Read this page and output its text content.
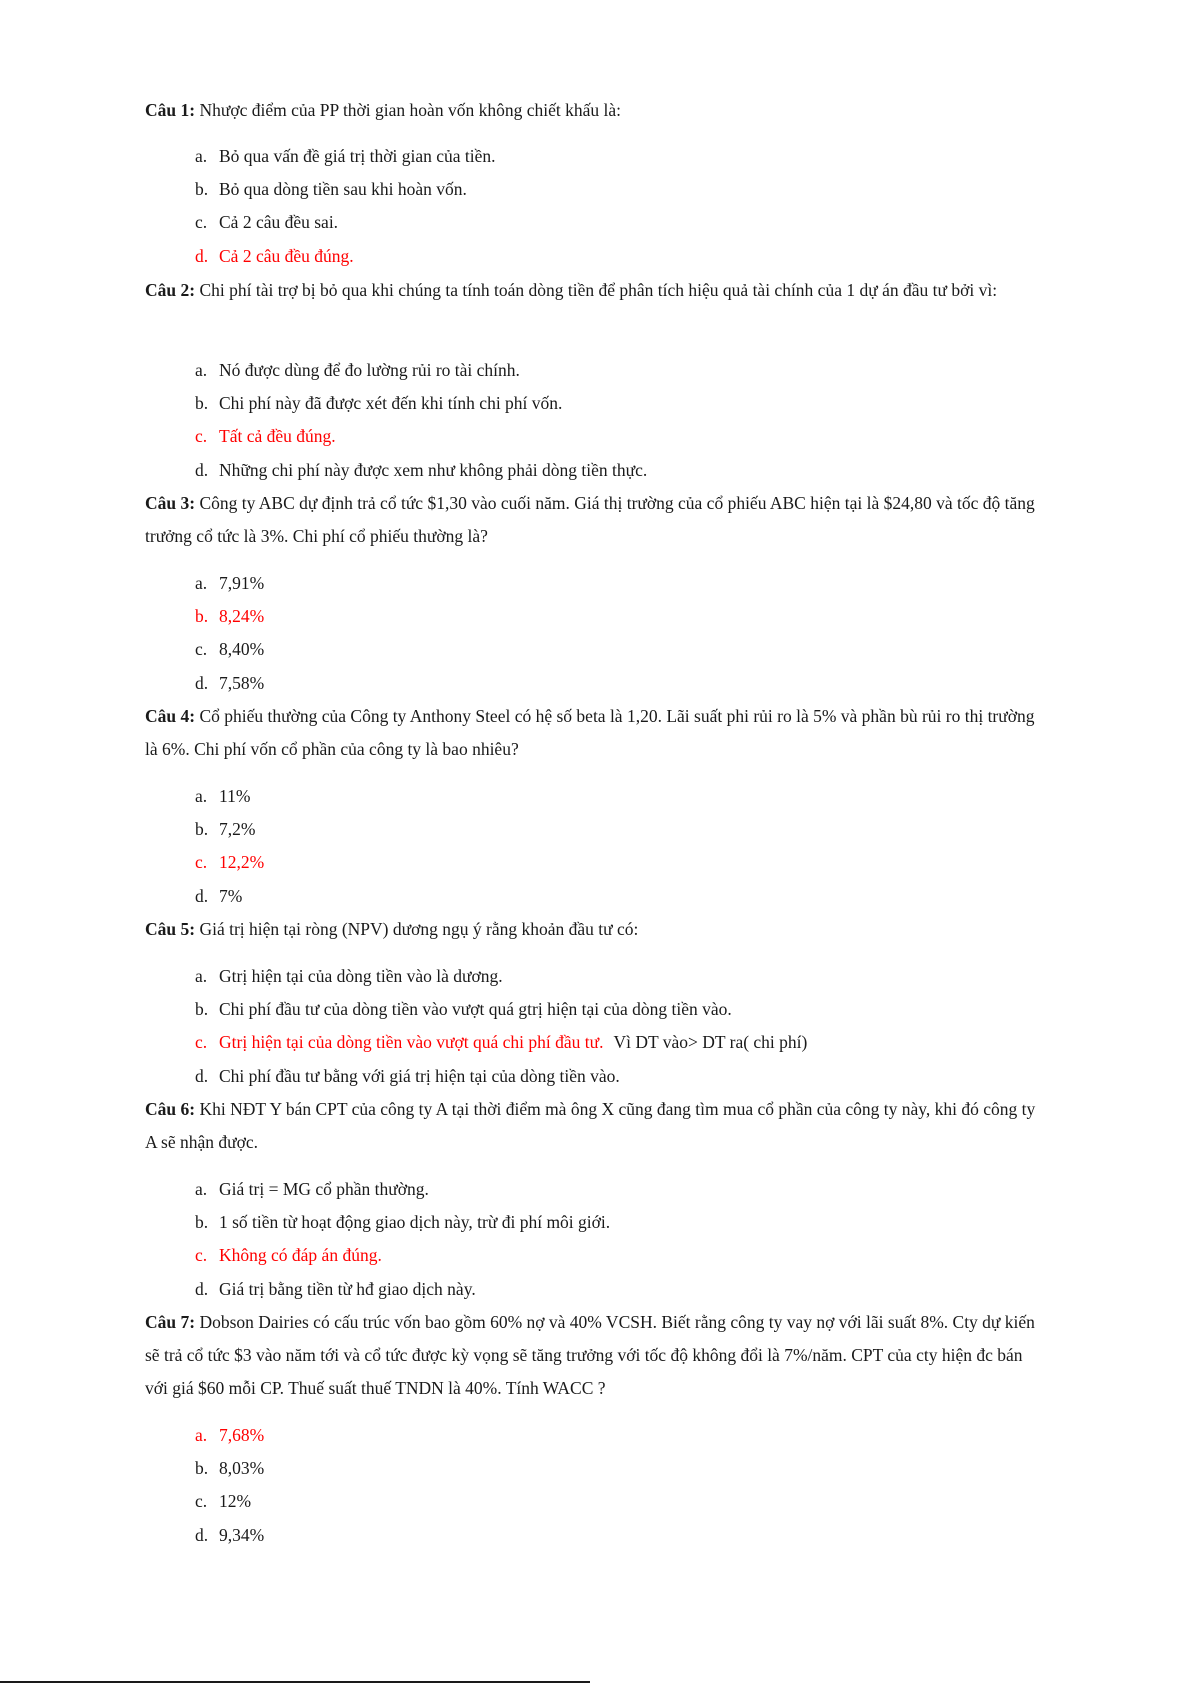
Câu 1: Nhược điểm của PP thời gian hoàn vốn không chiết khấu là:
a. Bỏ qua vấn đề giá trị thời gian của tiền.
b. Bỏ qua dòng tiền sau khi hoàn vốn.
c. Cả 2 câu đều sai.
d. Cả 2 câu đều đúng.
Câu 2: Chi phí tài trợ bị bỏ qua khi chúng ta tính toán dòng tiền để phân tích hiệu quả tài chính của 1 dự án đầu tư bởi vì:
a. Nó được dùng để đo lường rủi ro tài chính.
b. Chi phí này đã được xét đến khi tính chi phí vốn.
c. Tất cả đều đúng.
d. Những chi phí này được xem như không phải dòng tiền thực.
Câu 3: Công ty ABC dự định trả cổ tức $1,30 vào cuối năm. Giá thị trường của cổ phiếu ABC hiện tại là $24,80 và tốc độ tăng trưởng cổ tức là 3%. Chi phí cổ phiếu thường là?
a. 7,91%
b. 8,24%
c. 8,40%
d. 7,58%
Câu 4: Cổ phiếu thường của Công ty Anthony Steel có hệ số beta là 1,20. Lãi suất phi rủi ro là 5% và phần bù rủi ro thị trường là 6%. Chi phí vốn cổ phần của công ty là bao nhiêu?
a. 11%
b. 7,2%
c. 12,2%
d. 7%
Câu 5: Giá trị hiện tại ròng (NPV) dương ngụ ý rằng khoản đầu tư có:
a. Gtrị hiện tại của dòng tiền vào là dương.
b. Chi phí đầu tư của dòng tiền vào vượt quá gtrị hiện tại của dòng tiền vào.
c. Gtrị hiện tại của dòng tiền vào vượt quá chi phí đầu tư. Vì DT vào> DT ra( chi phí)
d. Chi phí đầu tư bằng với giá trị hiện tại của dòng tiền vào.
Câu 6: Khi NĐT Y bán CPT của công ty A tại thời điểm mà ông X cũng đang tìm mua cổ phần của công ty này, khi đó công ty A sẽ nhận được.
a. Giá trị = MG cổ phần thường.
b. 1 số tiền từ hoạt động giao dịch này, trừ đi phí môi giới.
c. Không có đáp án đúng.
d. Giá trị bằng tiền từ hđ giao dịch này.
Câu 7: Dobson Dairies có cấu trúc vốn bao gồm 60% nợ và 40% VCSH. Biết rằng công ty vay nợ với lãi suất 8%. Cty dự kiến sẽ trả cổ tức $3 vào năm tới và cổ tức được kỳ vọng sẽ tăng trưởng với tốc độ không đổi là 7%/năm. CPT của cty hiện đc bán với giá $60 mỗi CP. Thuế suất thuế TNDN là 40%. Tính WACC ?
a. 7,68%
b. 8,03%
c. 12%
d. 9,34%
